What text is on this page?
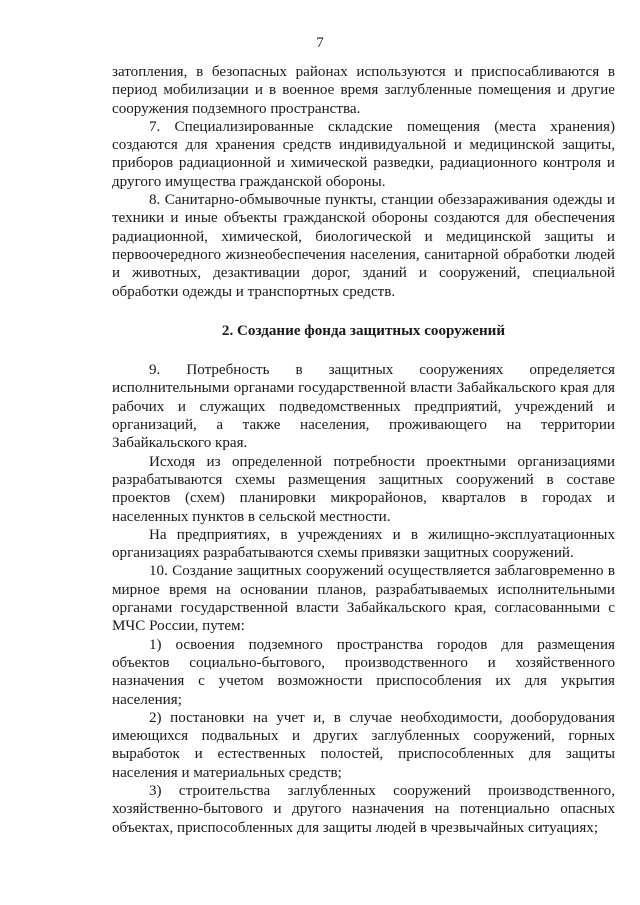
7

затопления, в безопасных районах используются и приспосабливаются в период мобилизации и в военное время заглубленные помещения и другие сооружения подземного пространства.

7. Специализированные складские помещения (места хранения) создаются для хранения средств индивидуальной и медицинской защиты, приборов радиационной и химической разведки, радиационного контроля и другого имущества гражданской обороны.

8. Санитарно-обмывочные пункты, станции обеззараживания одежды и техники и иные объекты гражданской обороны создаются для обеспечения радиационной, химической, биологической и медицинской защиты и первоочередного жизнеобеспечения населения, санитарной обработки людей и животных, дезактивации дорог, зданий и сооружений, специальной обработки одежды и транспортных средств.

2. Создание фонда защитных сооружений

9. Потребность в защитных сооружениях определяется исполнительными органами государственной власти Забайкальского края для рабочих и служащих подведомственных предприятий, учреждений и организаций, а также населения, проживающего на территории Забайкальского края.

Исходя из определенной потребности проектными организациями разрабатываются схемы размещения защитных сооружений в составе проектов (схем) планировки микрорайонов, кварталов в городах и населенных пунктов в сельской местности.

На предприятиях, в учреждениях и в жилищно-эксплуатационных организациях разрабатываются схемы привязки защитных сооружений.

10. Создание защитных сооружений осуществляется заблаговременно в мирное время на основании планов, разрабатываемых исполнительными органами государственной власти Забайкальского края, согласованными с МЧС России, путем:

1) освоения подземного пространства городов для размещения объектов социально-бытового, производственного и хозяйственного назначения с учетом возможности приспособления их для укрытия населения;

2) постановки на учет и, в случае необходимости, дооборудования имеющихся подвальных и других заглубленных сооружений, горных выработок и естественных полостей, приспособленных для защиты населения и материальных средств;

3) строительства заглубленных сооружений производственного, хозяйственно-бытового и другого назначения на потенциально опасных объектах, приспособленных для защиты людей в чрезвычайных ситуациях;
